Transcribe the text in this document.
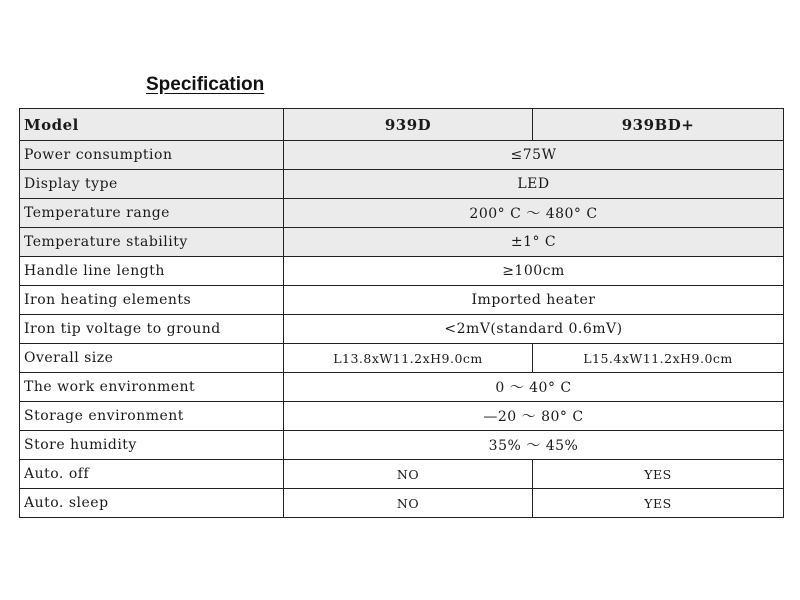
Specification
Model	939D	939BD+
Power consumption	≤75W	
Display type	LED	
Temperature range	200° C ～ 480° C	
Temperature stability	±1° C	
Handle line length	≥100cm	
Iron heating elements	Imported heater	
Iron tip voltage to ground	<2mV(standard 0.6mV)	
Overall size	L13.8xW11.2xH9.0cm	L15.4xW11.2xH9.0cm
The work environment	0 ～ 40° C	
Storage environment	—20 ～ 80° C	
Store humidity	35% ～ 45%	
Auto. off	NO	YES
Auto. sleep	NO	YES
